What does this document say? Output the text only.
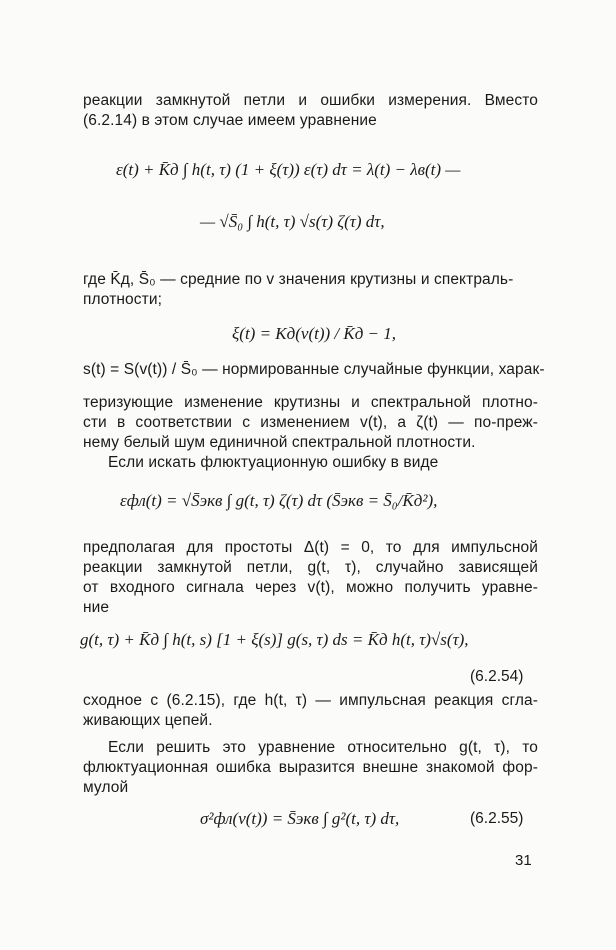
реакции замкнутой петли и ошибки измерения. Вместо
(6.2.14) в этом случае имеем уравнение
ε(t) + K̄д ∫ h(t, τ) (1 + ξ(τ)) ε(τ) dτ = λ(t) − λв(t) —
— √S̄₀ ∫ h(t, τ) √s(τ) ζ(τ) dτ,
где K̄д, S̄₀ — средние по v значения крутизны и спектраль-
плотности;
ξ(t) = Kд(v(t)) / K̄д − 1,
s(t) = S(v(t)) / S̄₀ — нормированные случайные функции, харак-
теризующие изменение крутизны и спектральной плотно-
сти в соответствии с изменением v(t), а ζ(t) — по-преж-
нему белый шум единичной спектральной плотности.
Если искать флюктуационную ошибку в виде
εфл(t) = √S̄экв ∫ g(t, τ) ζ(τ) dτ (S̄экв = S̄₀/K̄д²),
предполагая для простоты Δ(t) = 0, то для импульсной
реакции замкнутой петли, g(t, τ), случайно зависящей
от входного сигнала через v(t), можно получить уравне-
ние
g(t, τ) + K̄д ∫ h(t, s) [1 + ξ(s)] g(s, τ) ds = K̄д h(t, τ)√s(τ),
(6.2.54)
сходное с (6.2.15), где h(t, τ) — импульсная реакция сгла-
живающих цепей.
Если решить это уравнение относительно g(t, τ), то
флюктуационная ошибка выразится внешне знакомой фор-
мулой
σ²фл(v(t)) = S̄экв ∫ g²(t, τ) dτ,	(6.2.55)
31
